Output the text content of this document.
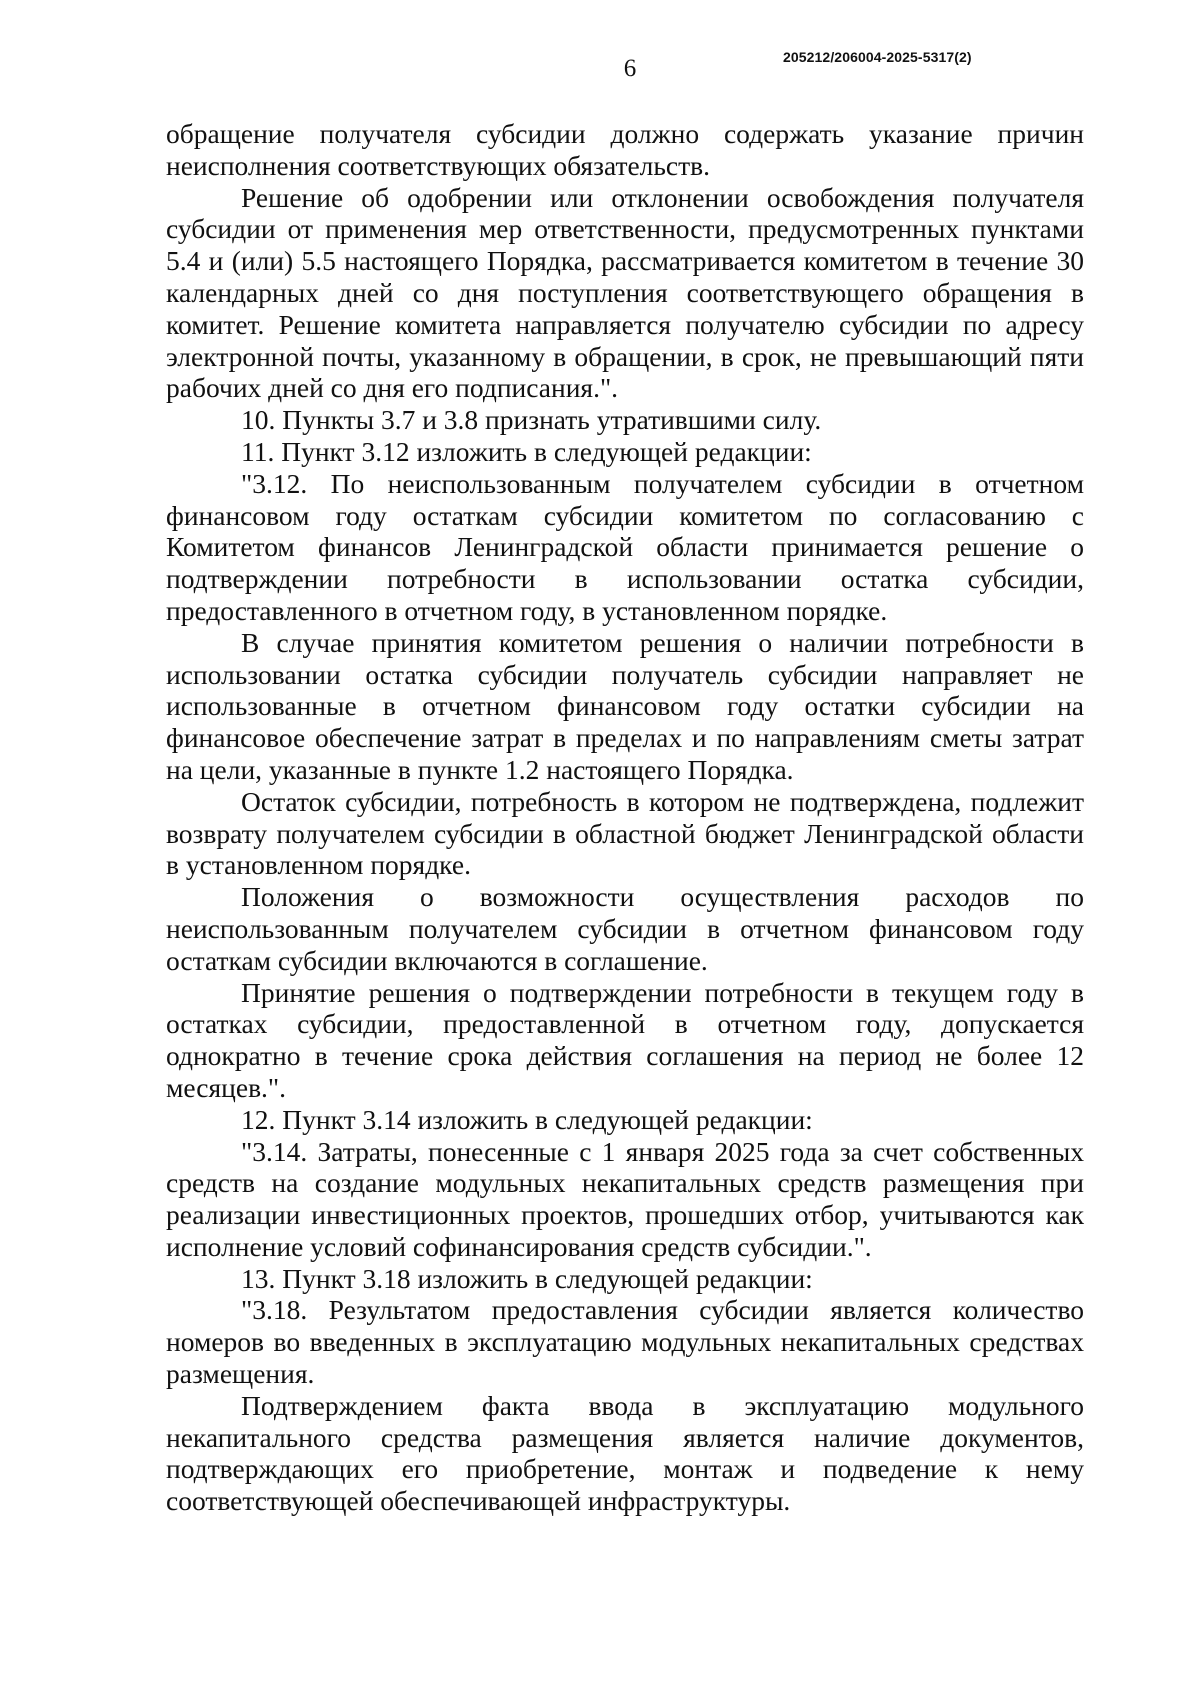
6	205212/206004-2025-5317(2)

обращение получателя субсидии должно содержать указание причин неисполнения соответствующих обязательств.

Решение об одобрении или отклонении освобождения получателя субсидии от применения мер ответственности, предусмотренных пунктами 5.4 и (или) 5.5 настоящего Порядка, рассматривается комитетом в течение 30 календарных дней со дня поступления соответствующего обращения в комитет. Решение комитета направляется получателю субсидии по адресу электронной почты, указанному в обращении, в срок, не превышающий пяти рабочих дней со дня его подписания.".

10. Пункты 3.7 и 3.8 признать утратившими силу.

11. Пункт 3.12 изложить в следующей редакции:

"3.12. По неиспользованным получателем субсидии в отчетном финансовом году остаткам субсидии комитетом по согласованию с Комитетом финансов Ленинградской области принимается решение о подтверждении потребности в использовании остатка субсидии, предоставленного в отчетном году, в установленном порядке.

В случае принятия комитетом решения о наличии потребности в использовании остатка субсидии получатель субсидии направляет не использованные в отчетном финансовом году остатки субсидии на финансовое обеспечение затрат в пределах и по направлениям сметы затрат на цели, указанные в пункте 1.2 настоящего Порядка.

Остаток субсидии, потребность в котором не подтверждена, подлежит возврату получателем субсидии в областной бюджет Ленинградской области в установленном порядке.

Положения о возможности осуществления расходов по неиспользованным получателем субсидии в отчетном финансовом году остаткам субсидии включаются в соглашение.

Принятие решения о подтверждении потребности в текущем году в остатках субсидии, предоставленной в отчетном году, допускается однократно в течение срока действия соглашения на период не более 12 месяцев.".

12. Пункт 3.14 изложить в следующей редакции:

"3.14. Затраты, понесенные с 1 января 2025 года за счет собственных средств на создание модульных некапитальных средств размещения при реализации инвестиционных проектов, прошедших отбор, учитываются как исполнение условий софинансирования средств субсидии.".

13. Пункт 3.18 изложить в следующей редакции:

"3.18. Результатом предоставления субсидии является количество номеров во введенных в эксплуатацию модульных некапитальных средствах размещения.

Подтверждением факта ввода в эксплуатацию модульного некапитального средства размещения является наличие документов, подтверждающих его приобретение, монтаж и подведение к нему соответствующей обеспечивающей инфраструктуры.
